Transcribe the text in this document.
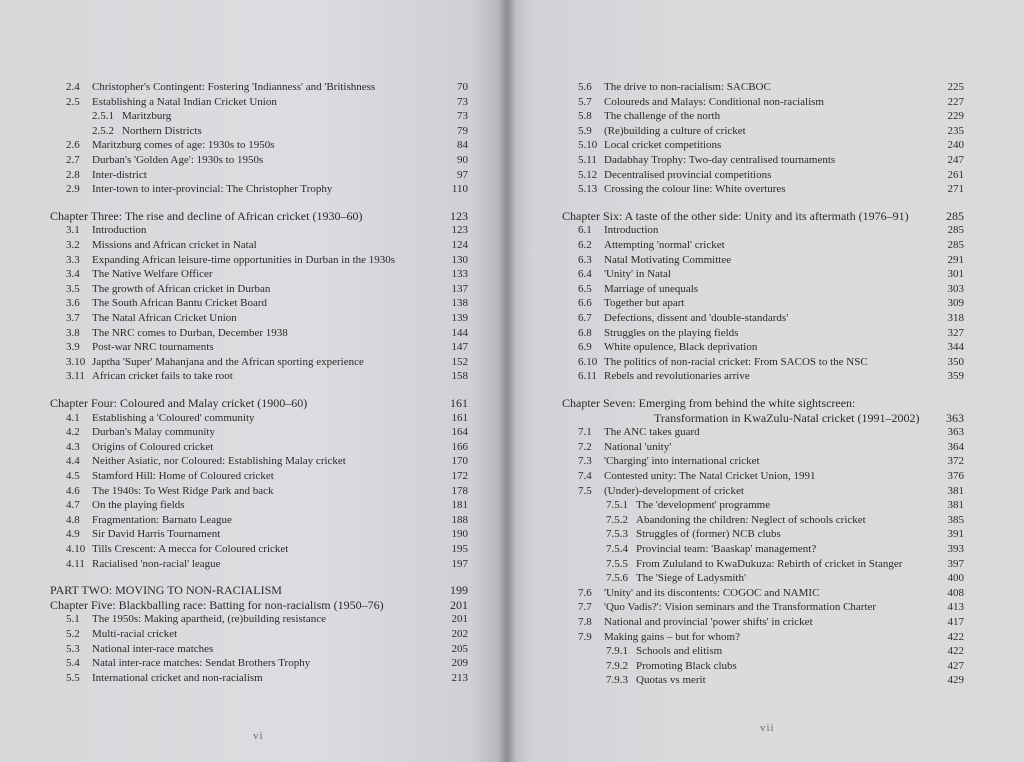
vi
2.4 Christopher's Contingent: Fostering 'Indianness' and 'Britishness	70
2.5 Establishing a Natal Indian Cricket Union	73
2.5.1 Maritzburg	73
2.5.2 Northern Districts	79
2.6 Maritzburg comes of age: 1930s to 1950s	84
2.7 Durban's 'Golden Age': 1930s to 1950s	90
2.8 Inter-district	97
2.9 Inter-town to inter-provincial: The Christopher Trophy	110
Chapter Three: The rise and decline of African cricket (1930–60)	123
3.1 Introduction	123
3.2 Missions and African cricket in Natal	124
3.3 Expanding African leisure-time opportunities in Durban in the 1930s	130
3.4 The Native Welfare Officer	133
3.5 The growth of African cricket in Durban	137
3.6 The South African Bantu Cricket Board	138
3.7 The Natal African Cricket Union	139
3.8 The NRC comes to Durban, December 1938	144
3.9 Post-war NRC tournaments	147
3.10 Japtha 'Super' Mahanjana and the African sporting experience	152
3.11 African cricket fails to take root	158
Chapter Four: Coloured and Malay cricket (1900–60)	161
4.1 Establishing a 'Coloured' community	161
4.2 Durban's Malay community	164
4.3 Origins of Coloured cricket	166
4.4 Neither Asiatic, nor Coloured: Establishing Malay cricket	170
4.5 Stamford Hill: Home of Coloured cricket	172
4.6 The 1940s: To West Ridge Park and back	178
4.7 On the playing fields	181
4.8 Fragmentation: Barnato League	188
4.9 Sir David Harris Tournament	190
4.10 Tills Crescent: A mecca for Coloured cricket	195
4.11 Racialised 'non-racial' league	197
PART TWO: MOVING TO NON-RACIALISM	199
Chapter Five: Blackballing race: Batting for non-racialism (1950–76)	201
5.1 The 1950s: Making apartheid, (re)building resistance	201
5.2 Multi-racial cricket	202
5.3 National inter-race matches	205
5.4 Natal inter-race matches: Sendat Brothers Trophy	209
5.5 International cricket and non-racialism	213
vii
5.6 The drive to non-racialism: SACBOC	225
5.7 Coloureds and Malays: Conditional non-racialism	227
5.8 The challenge of the north	229
5.9 (Re)building a culture of cricket	235
5.10 Local cricket competitions	240
5.11 Dadabhay Trophy: Two-day centralised tournaments	247
5.12 Decentralised provincial competitions	261
5.13 Crossing the colour line: White overtures	271
Chapter Six: A taste of the other side: Unity and its aftermath (1976–91)	285
6.1 Introduction	285
6.2 Attempting 'normal' cricket	285
6.3 Natal Motivating Committee	291
6.4 'Unity' in Natal	301
6.5 Marriage of unequals	303
6.6 Together but apart	309
6.7 Defections, dissent and 'double-standards'	318
6.8 Struggles on the playing fields	327
6.9 White opulence, Black deprivation	344
6.10 The politics of non-racial cricket: From SACOS to the NSC	350
6.11 Rebels and revolutionaries arrive	359
Chapter Seven: Emerging from behind the white sightscreen:
Transformation in KwaZulu-Natal cricket (1991–2002)	363
7.1 The ANC takes guard	363
7.2 National 'unity'	364
7.3 'Charging' into international cricket	372
7.4 Contested unity: The Natal Cricket Union, 1991	376
7.5 (Under)-development of cricket	381
7.5.1 The 'development' programme	381
7.5.2 Abandoning the children: Neglect of schools cricket	385
7.5.3 Struggles of (former) NCB clubs	391
7.5.4 Provincial team: 'Baaskap' management?	393
7.5.5 From Zululand to KwaDukuza: Rebirth of cricket in Stanger	397
7.5.6 The 'Siege of Ladysmith'	400
7.6 'Unity' and its discontents: COGOC and NAMIC	408
7.7 'Quo Vadis?': Vision seminars and the Transformation Charter	413
7.8 National and provincial 'power shifts' in cricket	417
7.9 Making gains – but for whom?	422
7.9.1 Schools and elitism	422
7.9.2 Promoting Black clubs	427
7.9.3 Quotas vs merit	429
